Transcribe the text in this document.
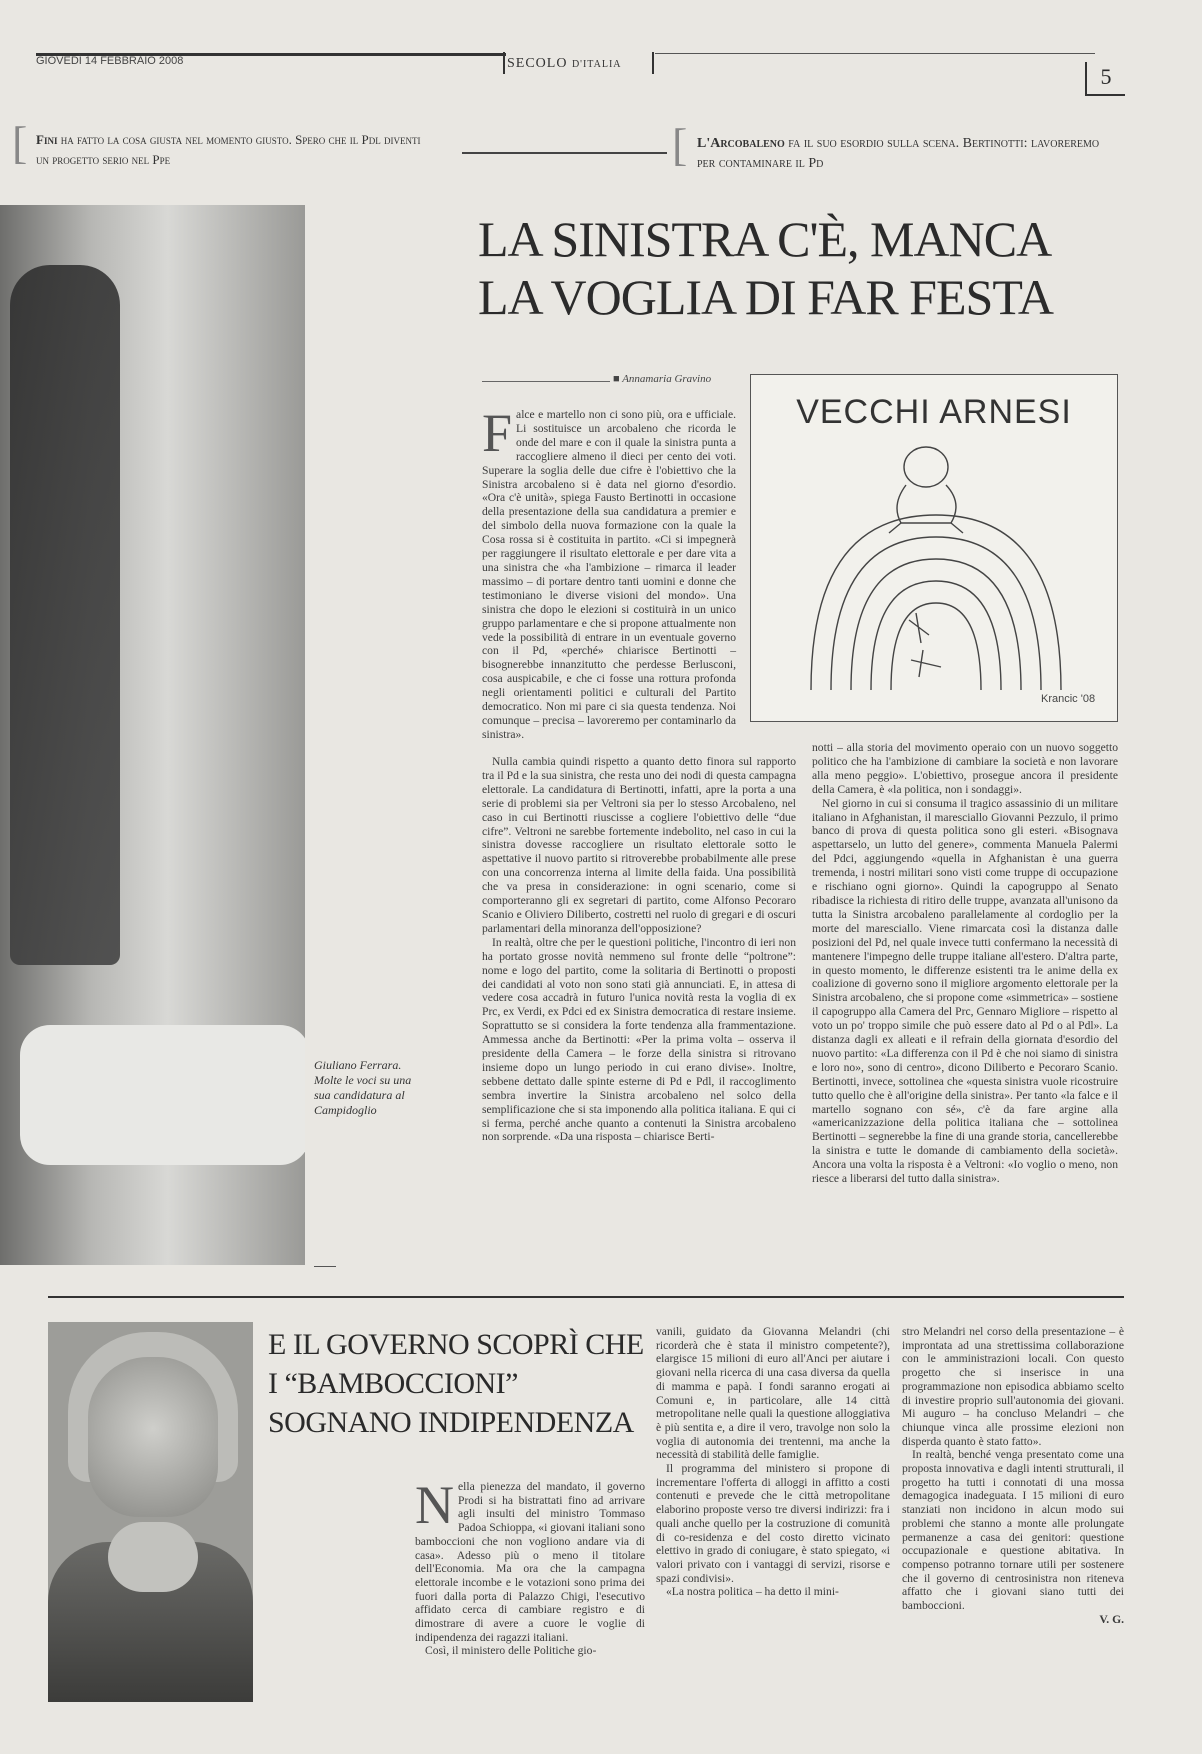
GIOVEDÌ 14 FEBBRAIO 2008	SECOLO D'ITALIA	5
[ Fini ha fatto la cosa giusta nel momento giusto. Spero che il Pdl diventi un progetto serio nel Ppe	[ L'Arcobaleno fa il suo esordio sulla scena. Bertinotti: lavoreremo per contaminare il Pd
LA SINISTRA C'È, MANCA LA VOGLIA DI FAR FESTA
Giuliano Ferrara. Molte le voci su una sua candidatura al Campidoglio
■ Annamaria Gravino
VECCHI ARNESI
Krancic '08

Falce e martello non ci sono più, ora e ufficiale. Li sostituisce un arcobaleno che ricorda le onde del mare e con il quale la sinistra punta a raccogliere almeno il dieci per cento dei voti. Superare la soglia delle due cifre è l'obiettivo che la Sinistra arcobaleno si è data nel giorno d'esordio. «Ora c'è unità», spiega Fausto Bertinotti in occasione della presentazione della sua candidatura a premier e del simbolo della nuova formazione con la quale la Cosa rossa si è costituita in partito. «Ci si impegnerà per raggiungere il risultato elettorale e per dare vita a una sinistra che «ha l'ambizione – rimarca il leader massimo – di portare dentro tanti uomini e donne che testimoniano le diverse visioni del mondo». Una sinistra che dopo le elezioni si costituirà in un unico gruppo parlamentare e che si propone attualmente non vede la possibilità di entrare in un eventuale governo con il Pd, «perché» chiarisce Bertinotti – bisognerebbe innanzitutto che perdesse Berlusconi, cosa auspicabile, e che ci fosse una rottura profonda negli orientamenti politici e culturali del Partito democratico. Non mi pare ci sia questa tendenza. Noi comunque – precisa – lavoreremo per contaminarlo da sinistra».

Nulla cambia quindi rispetto a quanto detto finora sul rapporto tra il Pd e la sua sinistra, che resta uno dei nodi di questa campagna elettorale. La candidatura di Bertinotti, infatti, apre la porta a una serie di problemi sia per Veltroni sia per lo stesso Arcobaleno, nel caso in cui Bertinotti riuscisse a cogliere l'obiettivo delle “due cifre”. Veltroni ne sarebbe fortemente indebolito, nel caso in cui la sinistra dovesse raccogliere un risultato elettorale sotto le aspettative il nuovo partito si ritroverebbe probabilmente alle prese con una concorrenza interna al limite della faida. Una possibilità che va presa in considerazione: in ogni scenario, come si comporteranno gli ex segretari di partito, come Alfonso Pecoraro Scanio e Oliviero Diliberto, costretti nel ruolo di gregari e di oscuri parlamentari della minoranza dell'opposizione?

In realtà, oltre che per le questioni politiche, l'incontro di ieri non ha portato grosse novità nemmeno sul fronte delle “poltrone”: nome e logo del partito, come la solitaria di Bertinotti o proposti dei candidati al voto non sono stati già annunciati. E, in attesa di vedere cosa accadrà in futuro l'unica novità resta la voglia di ex Prc, ex Verdi, ex Pdci ed ex Sinistra democratica di restare insieme. Soprattutto se si considera la forte tendenza alla frammentazione. Ammessa anche da Bertinotti: «Per la prima volta – osserva il presidente della Camera – le forze della sinistra si ritrovano insieme dopo un lungo periodo in cui erano divise». Inoltre, sebbene dettato dalle spinte esterne di Pd e Pdl, il raccoglimento sembra invertire la Sinistra arcobaleno nel solco della semplificazione che si sta imponendo alla politica italiana. E qui ci si ferma, perché anche quanto a contenuti la Sinistra arcobaleno non sorprende. «Da una risposta – chiarisce Berti-

notti – alla storia del movimento operaio con un nuovo soggetto politico che ha l'ambizione di cambiare la società e non lavorare alla meno peggio». L'obiettivo, prosegue ancora il presidente della Camera, è «la politica, non i sondaggi».

Nel giorno in cui si consuma il tragico assassinio di un militare italiano in Afghanistan, il maresciallo Giovanni Pezzulo, il primo banco di prova di questa politica sono gli esteri. «Bisognava aspettarselo, un lutto del genere», commenta Manuela Palermi del Pdci, aggiungendo «quella in Afghanistan è una guerra tremenda, i nostri militari sono visti come truppe di occupazione e rischiano ogni giorno». Quindi la capogruppo al Senato ribadisce la richiesta di ritiro delle truppe, avanzata all'unisono da tutta la Sinistra arcobaleno parallelamente al cordoglio per la morte del maresciallo. Viene rimarcata così la distanza dalle posizioni del Pd, nel quale invece tutti confermano la necessità di mantenere l'impegno delle truppe italiane all'estero. D'altra parte, in questo momento, le differenze esistenti tra le anime della ex coalizione di governo sono il migliore argomento elettorale per la Sinistra arcobaleno, che si propone come «simmetrica» – sostiene il capogruppo alla Camera del Prc, Gennaro Migliore – rispetto al voto un po' troppo simile che può essere dato al Pd o al Pdl». La distanza dagli ex alleati e il refrain della giornata d'esordio del nuovo partito: «La differenza con il Pd è che noi siamo di sinistra e loro no», sono di centro», dicono Diliberto e Pecoraro Scanio. Bertinotti, invece, sottolinea che «questa sinistra vuole ricostruire tutto quello che è all'origine della sinistra». Per tanto «la falce e il martello sognano con sé», c'è da fare argine alla «americanizzazione della politica italiana che – sottolinea Bertinotti – segnerebbe la fine di una grande storia, cancellerebbe la sinistra e tutte le domande di cambiamento della società». Ancora una volta la risposta è a Veltroni: «Io voglio o meno, non riesce a liberarsi del tutto dalla sinistra».

E IL GOVERNO SCOPRÌ CHE I “BAMBOCCIONI” SOGNANO INDIPENDENZA

Nella pienezza del mandato, il governo Prodi si ha bistrattati fino ad arrivare agli insulti del ministro Tommaso Padoa Schioppa, «i giovani italiani sono bamboccioni che non vogliono andare via di casa». Adesso più o meno il titolare dell'Economia. Ma ora che la campagna elettorale incombe e le votazioni sono prima dei fuori dalla porta di Palazzo Chigi, l'esecutivo affidato cerca di cambiare registro e di dimostrare di avere a cuore le voglie di indipendenza dei ragazzi italiani.

Così, il ministero delle Politiche gio-

vanili, guidato da Giovanna Melandri (chi ricorderà che è stata il ministro competente?), elargisce 15 milioni di euro all'Anci per aiutare i giovani nella ricerca di una casa diversa da quella di mamma e papà. I fondi saranno erogati ai Comuni e, in particolare, alle 14 città metropolitane nelle quali la questione alloggiativa è più sentita e, a dire il vero, travolge non solo la voglia di autonomia dei trentenni, ma anche la necessità di stabilità delle famiglie.

Il programma del ministero si propone di incrementare l'offerta di alloggi in affitto a costi contenuti e prevede che le città metropolitane elaborino proposte verso tre diversi indirizzi: fra i quali anche quello per la costruzione di comunità di co-residenza e del costo diretto vicinato elettivo in grado di coniugare, è stato spiegato, «i valori privato con i vantaggi di servizi, risorse e spazi condivisi».

«La nostra politica – ha detto il mini-

stro Melandri nel corso della presentazione – è improntata ad una strettissima collaborazione con le amministrazioni locali. Con questo progetto che si inserisce in una programmazione non episodica abbiamo scelto di investire proprio sull'autonomia dei giovani. Mi auguro – ha concluso Melandri – che chiunque vinca alle prossime elezioni non disperda quanto è stato fatto».

In realtà, benché venga presentato come una proposta innovativa e dagli intenti strutturali, il progetto ha tutti i connotati di una mossa demagogica inadeguata. I 15 milioni di euro stanziati non incidono in alcun modo sui problemi che stanno a monte alle prolungate permanenze a casa dei genitori: questione occupazionale e questione abitativa. In compenso potranno tornare utili per sostenere che il governo di centrosinistra non riteneva affatto che i giovani siano tutti dei bamboccioni.

V. G.
